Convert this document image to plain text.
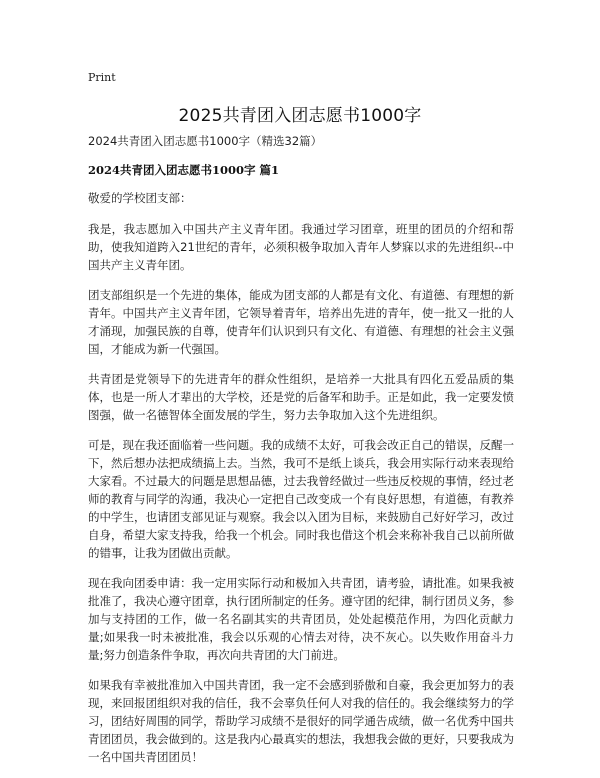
Print
2025共青团入团志愿书1000字
2024共青团入团志愿书1000字（精选32篇）
2024共青团入团志愿书1000字 篇1
敬爱的学校团支部：

我是，我志愿加入中国共产主义青年团。我通过学习团章，班里的团员的介绍和帮助，使我知道跨入21世纪的青年，必须积极争取加入青年人梦寐以求的先进组织--中国共产主义青年团。

团支部组织是一个先进的集体，能成为团支部的人都是有文化、有道德、有理想的新青年。中国共产主义青年团，它领导着青年，培养出先进的青年，使一批又一批的人才涌现，加强民族的自尊，使青年们认识到只有文化、有道德、有理想的社会主义强国，才能成为新一代强国。

共青团是党领导下的先进青年的群众性组织，是培养一大批具有四化五爱品质的集体，也是一所人才辈出的大学校，还是党的后备军和助手。正是如此，我一定要发愤图强，做一名德智体全面发展的学生，努力去争取加入这个先进组织。

可是，现在我还面临着一些问题。我的成绩不太好，可我会改正自己的错误，反醒一下，然后想办法把成绩搞上去。当然，我可不是纸上谈兵，我会用实际行动来表现给大家看。不过最大的问题是思想品德，过去我曾经做过一些违反校规的事情，经过老师的教育与同学的沟通，我决心一定把自己改变成一个有良好思想，有道德，有教养的中学生，也请团支部见证与观察。我会以入团为目标，来鼓励自己好好学习，改过自身，希望大家支持我，给我一个机会。同时我也借这个机会来称补我自己以前所做的错事，让我为团做出贡献。

现在我向团委申请：我一定用实际行动和极加入共青团，请考验，请批准。如果我被批准了，我决心遵守团章，执行团所制定的任务。遵守团的纪律，制行团员义务，参加与支持团的工作，做一名名副其实的共青团员，处处起模范作用，为四化贡献力量;如果我一时未被批准，我会以乐观的心情去对待，决不灰心。以失败作用奋斗力量;努力创造条件争取，再次向共青团的大门前进。

如果我有幸被批准加入中国共青团，我一定不会感到骄傲和自豪，我会更加努力的表现，来回报团组织对我的信任，我不会辜负任何人对我的信任的。我会继续努力的学习，团结好周围的同学，帮助学习成绩不是很好的同学通告成绩，做一名优秀中国共青团团员，我会做到的。这是我内心最真实的想法，我想我会做的更好，只要我成为一名中国共青团团员！
